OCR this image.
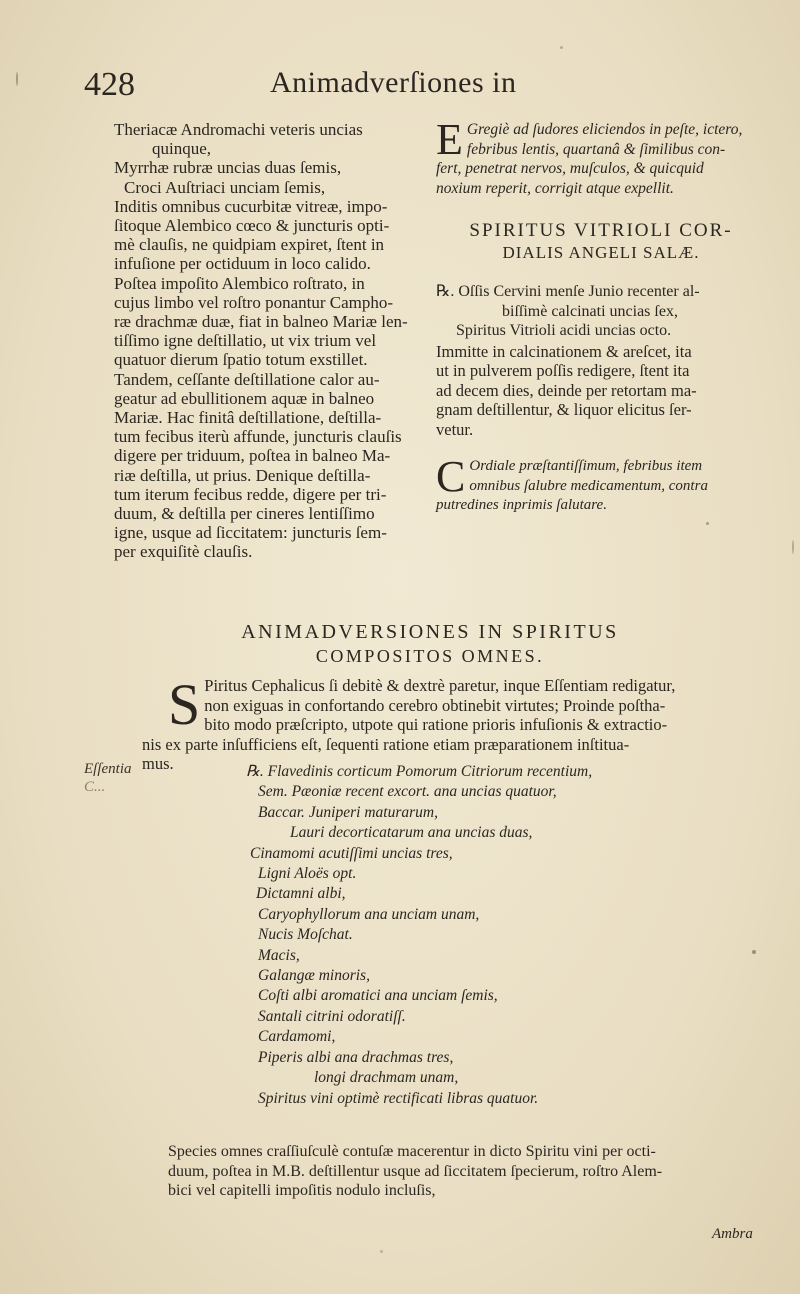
428	Animadverſiones in
Theriacæ Andromachi veteris uncias
quinque,
Myrrhæ rubræ uncias duas ſemis,
Croci Auſtriaci unciam ſemis,
Inditis omnibus cucurbitæ vitreæ, impo-
ſitoque Alembico cœco & juncturis opti-
mè clauſis, ne quidpiam expiret, ſtent in
infuſione per octiduum in loco calido.
Poſtea impoſito Alembico roſtrato, in
cujus limbo vel roſtro ponantur Campho-
ræ drachmæ duæ, fiat in balneo Mariæ len-
tiſſimo igne deſtillatio, ut vix trium vel
quatuor dierum ſpatio totum exstillet.
Tandem, ceſſante deſtillatione calor au-
geatur ad ebullitionem aquæ in balneo
Mariæ. Hac finitâ deſtillatione, deſtilla-
tum fecibus iterù affunde, juncturis clauſis
digere per triduum, poſtea in balneo Ma-
riæ deſtilla, ut prius. Denique deſtilla-
tum iterum fecibus redde, digere per tri-
duum, & deſtilla per cineres lentiſſimo
igne, usque ad ſiccitatem: juncturis ſem-
per exquiſitè clauſis.
E Gregiè ad ſudores eliciendos in peſte, ictero,
febribus lentis, quartanâ & ſimilibus con-
fert, penetrat nervos, muſculos, & quicquid
noxium reperit, corrigit atque expellit.
SPIRITUS VITRIOLI COR-
DIALIS ANGELI SALÆ.
℞. Oſſis Cervini menſe Junio recenter al-
biſſimè calcinati uncias ſex,
Spiritus Vitrioli acidi uncias octo.
Immitte in calcinationem & areſcet, ita
ut in pulverem poſſis redigere, ſtent ita
ad decem dies, deinde per retortam ma-
gnam deſtillentur, & liquor elicitus ſer-
vetur.
C Ordiale præſtantiſſimum, febribus item
omnibus ſalubre medicamentum, contra
putredines inprimis ſalutare.
ANIMADVERSIONES IN SPIRITUS
COMPOSITOS OMNES.
S Piritus Cephalicus ſi debitè & dextrè paretur, inque Eſſentiam redigatur,
non exiguas in confortando cerebro obtinebit virtutes; Proinde poſtha-
bito modo præſcripto, utpote qui ratione prioris infuſionis & extractio-
nis ex parte inſufficiens eſt, ſequenti ratione etiam præparationem inſtitua-
mus.
Eſſentia
C...
℞. Flavedinis corticum Pomorum Citriorum recentium,
Sem. Pæoniæ recent excort. ana uncias quatuor,
Baccar. Juniperi maturarum,
Lauri decorticatarum ana uncias duas,
Cinamomi acutiſſimi uncias tres,
Ligni Aloës opt.
Dictamni albi,
Caryophyllorum ana unciam unam,
Nucis Moſchat.
Macis,
Galangæ minoris,
Coſti albi aromatici ana unciam ſemis,
Santali citrini odoratiſſ.
Cardamomi,
Piperis albi ana drachmas tres,
longi drachmam unam,
Spiritus vini optimè rectificati libras quatuor.
Species omnes craſſiuſculè contuſæ macerentur in dicto Spiritu vini per octi-
duum, poſtea in M.B. deſtillentur usque ad ſiccitatem ſpecierum, roſtro Alem-
bici vel capitelli impoſitis nodulo incluſis,
Ambra
